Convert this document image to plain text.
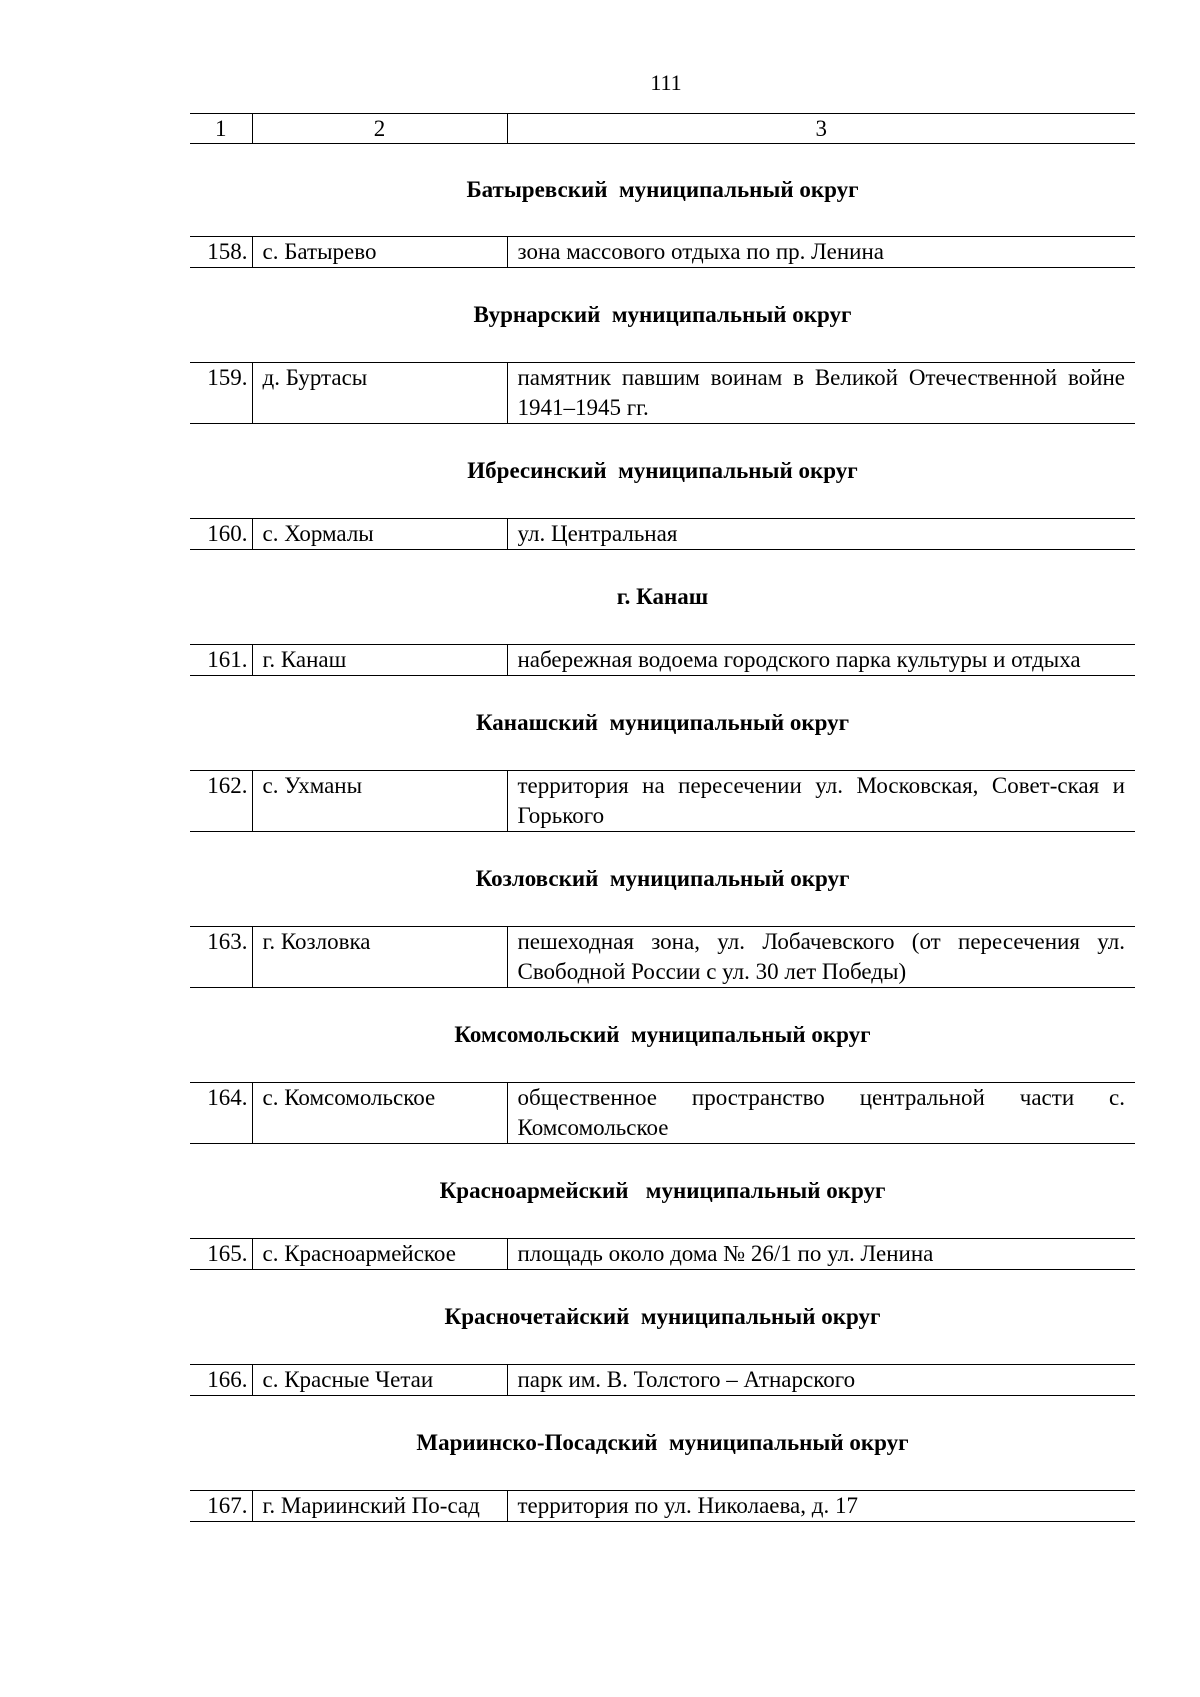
111
1	2	3
Батыревский  муниципальный округ
158.	с. Батырево	зона массового отдыха по пр. Ленина
Вурнарский  муниципальный округ
159.	д. Буртасы	памятник павшим воинам в Великой Отечественной войне 1941–1945 гг.
Ибресинский  муниципальный округ
160.	с. Хормалы	ул. Центральная
г. Канаш
161.	г. Канаш	набережная водоема городского парка культуры и отдыха
Канашский  муниципальный округ
162.	с. Ухманы	территория на пересечении ул. Московская, Совет-ская и Горького
Козловский  муниципальный округ
163.	г. Козловка	пешеходная зона, ул. Лобачевского (от пересечения ул. Свободной России с ул. 30 лет Победы)
Комсомольский  муниципальный округ
164.	с. Комсомольское	общественное пространство центральной части с. Комсомольское
Красноармейский   муниципальный округ
165.	с. Красноармейское	площадь около дома № 26/1 по ул. Ленина
Красночетайский  муниципальный округ
166.	с. Красные Четаи	парк им. В. Толстого – Атнарского
Мариинско-Посадский  муниципальный округ
167.	г. Мариинский По-сад	территория по ул. Николаева, д. 17
